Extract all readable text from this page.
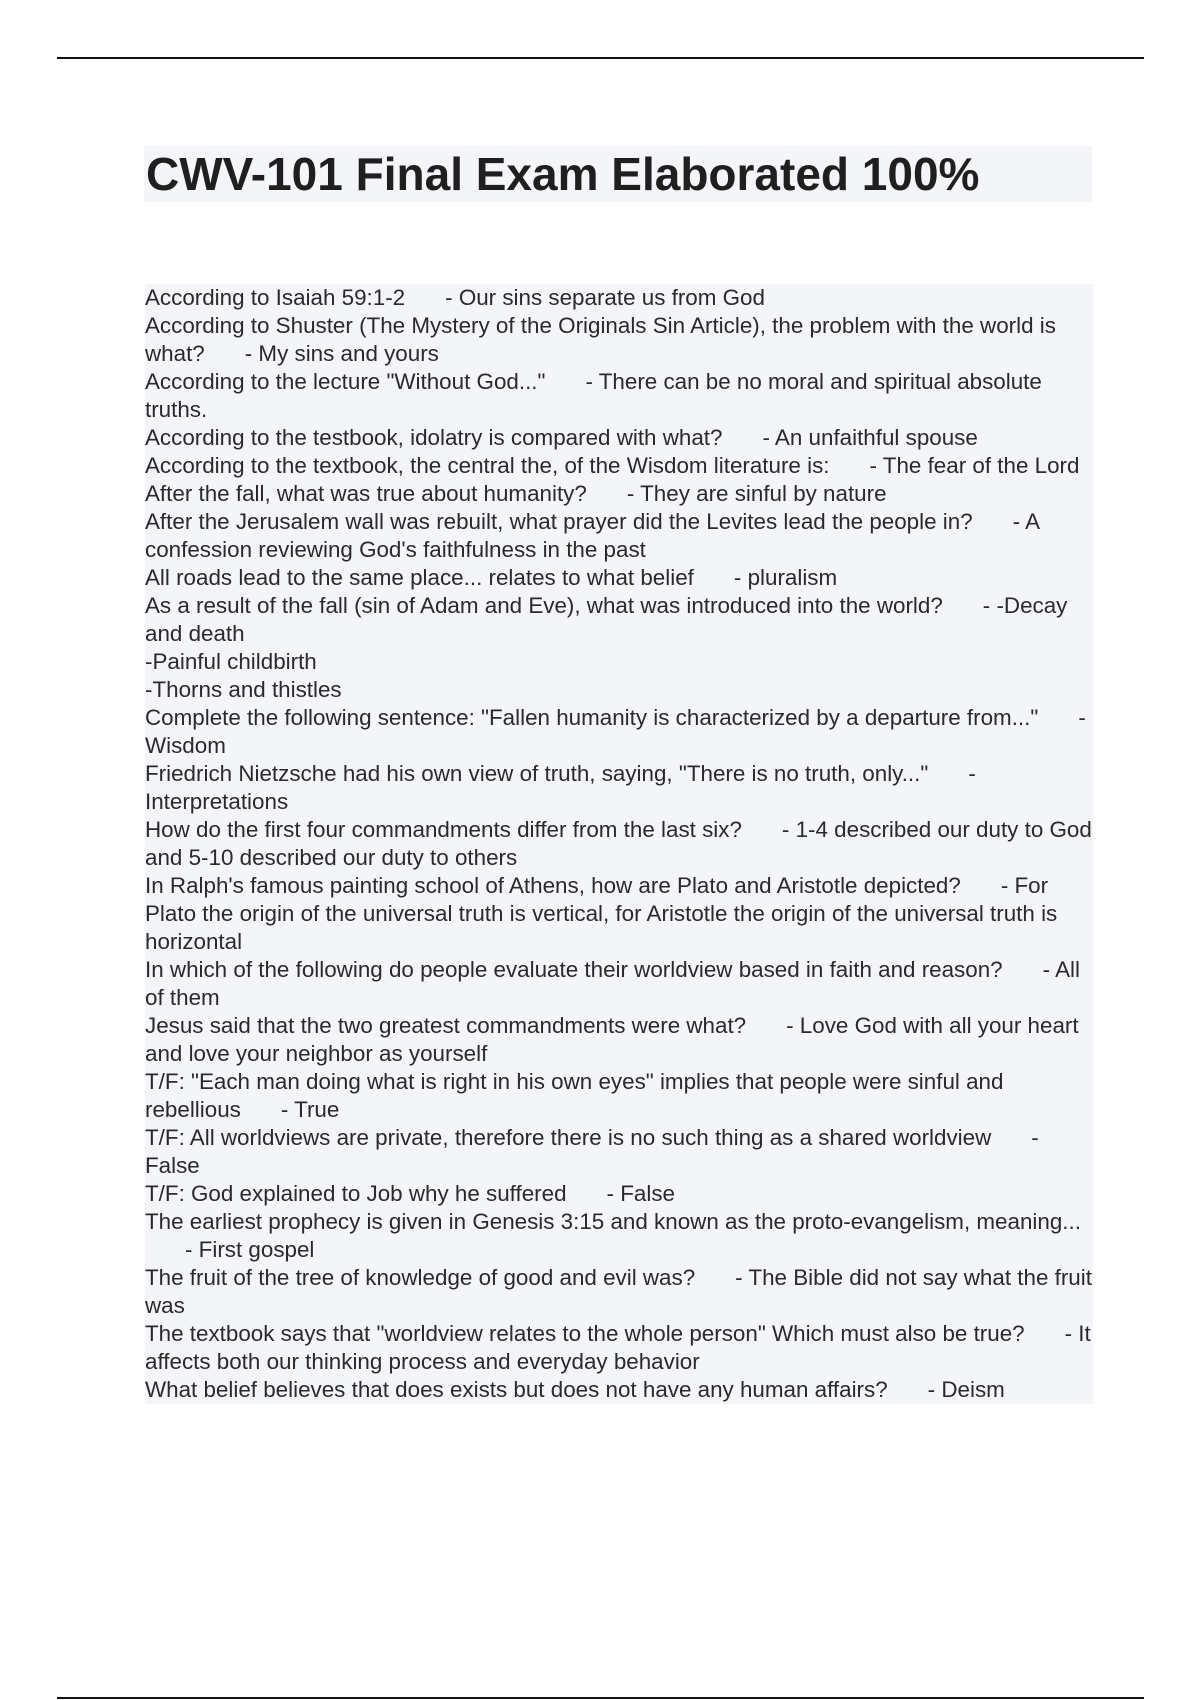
CWV-101 Final Exam Elaborated 100%
According to Isaiah 59:1-2 - Our sins separate us from God
According to Shuster (The Mystery of the Originals Sin Article), the problem with the world is what? - My sins and yours
According to the lecture "Without God..." - There can be no moral and spiritual absolute truths.
According to the testbook, idolatry is compared with what? - An unfaithful spouse
According to the textbook, the central the, of the Wisdom literature is: - The fear of the Lord
After the fall, what was true about humanity? - They are sinful by nature
After the Jerusalem wall was rebuilt, what prayer did the Levites lead the people in? - A confession reviewing God's faithfulness in the past
All roads lead to the same place... relates to what belief - pluralism
As a result of the fall (sin of Adam and Eve), what was introduced into the world? - -Decay and death
-Painful childbirth
-Thorns and thistles
Complete the following sentence: "Fallen humanity is characterized by a departure from..." - Wisdom
Friedrich Nietzsche had his own view of truth, saying, "There is no truth, only..." - Interpretations
How do the first four commandments differ from the last six? - 1-4 described our duty to God and 5-10 described our duty to others
In Ralph's famous painting school of Athens, how are Plato and Aristotle depicted? - For Plato the origin of the universal truth is vertical, for Aristotle the origin of the universal truth is horizontal
In which of the following do people evaluate their worldview based in faith and reason? - All of them
Jesus said that the two greatest commandments were what? - Love God with all your heart and love your neighbor as yourself
T/F: "Each man doing what is right in his own eyes" implies that people were sinful and rebellious - True
T/F: All worldviews are private, therefore there is no such thing as a shared worldview - False
T/F: God explained to Job why he suffered - False
The earliest prophecy is given in Genesis 3:15 and known as the proto-evangelism, meaning...- First gospel
The fruit of the tree of knowledge of good and evil was? - The Bible did not say what the fruit was
The textbook says that "worldview relates to the whole person" Which must also be true? - It affects both our thinking process and everyday behavior
What belief believes that does exists but does not have any human affairs? - Deism
